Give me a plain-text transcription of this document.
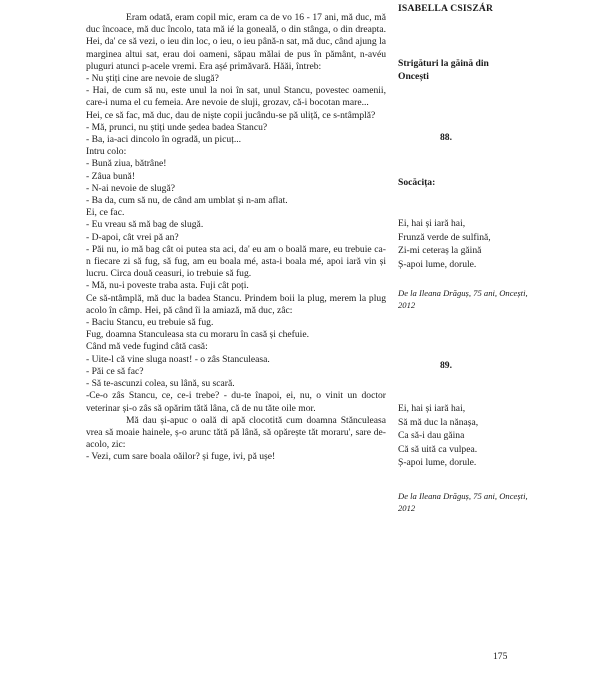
Eram odată, eram copil mic, eram ca de vo 16 - 17 ani, mă duc, mă duc încoace, mă duc încolo, tata mă ié la goneală, o din stânga, o din dreapta. Hei, da' ce să vezi, o ieu din loc, o ieu, o ieu până-n sat, mă duc, când ajung la marginea altui sat, erau doi oameni, săpau mălai de pus în pământ, n-avéu pluguri atunci p-acele vremi. Era așé primăvară. Hăăi, întreb:

- Nu știți cine are nevoie de slugă?

- Hai, de cum să nu, este unul la noi în sat, unul Stancu, povestec oamenii, care-i numa el cu femeia. Are nevoie de sluji, grozav, că-i bocotan mare...

Hei, ce să fac, mă duc, dau de niște copii jucându-se pă uliță, ce s-ntâmplă?

- Mă, prunci, nu știți unde ședea badea Stancu?

- Ba, ia-aci dincolo în ogradă, un picuț...

Intru colo:

- Bună ziua, bătrâne!

- Zâua bună!

- N-ai nevoie de slugă?

- Ba da, cum să nu, de când am umblat și n-am aflat.

Ei, ce fac.

- Eu vreau să mă bag de slugă.

- D-apoi, cât vrei pă an?

- Păi nu, io mă bag cât oi putea sta aci, da' eu am o boală mare, eu trebuie ca-n fiecare zi să fug, să fug, am eu boala mé, asta-i boala mé, apoi iară vin și lucru. Circa două ceasuri, io trebuie să fug.

- Mă, nu-i poveste traba asta. Fuji cât poți.

Ce să-ntâmplă, mă duc la badea Stancu. Prindem boii la plug, merem la plug acolo în câmp. Hei, pă când îi la amiază, mă duc, zâc:

- Baciu Stancu, eu trebuie să fug.

Fug, doamna Stanculeasa sta cu moraru în casă și chefuie.

Când mă vede fugind câtă casă:

- Uite-l că vine sluga noast! - o zâs Stanculeasa.

- Păi ce să fac?

- Să te-ascunzi colea, su lână, su scară.

-Ce-o zâs Stancu, ce, ce-i trebe? - du-te înapoi, ei, nu, o vinit un doctor veterinar și-o zâs să opărim tătă lâna, că de nu tăte oile mor.

Mă dau și-apuc o oală di apă clocotită cum doamna Stănculeasa vrea să moaie hainele, ș-o arunc tătă pă lână, să opărește tăt moraru', sare de-acolo, zic:

- Vezi, cum sare boala oăilor? și fuge, ivi, pă ușe!

ISABELLA CSISZÁR
Strigături la găină din Oncești
88.
Socăcița:
Ei, hai și iară hai,
Frunză verde de sulfină,
Zi-mi ceteraș la găină
Ș-apoi lume, dorule.
De la Ileana Drăguș, 75 ani, Oncești, 2012
89.
Ei, hai și iară hai,
Să mă duc la nănașa,
Ca să-i dau găina
Că să uită ca vulpea.
Ș-apoi lume, dorule.
De la Ileana Drăguș, 75 ani, Oncești, 2012
175
